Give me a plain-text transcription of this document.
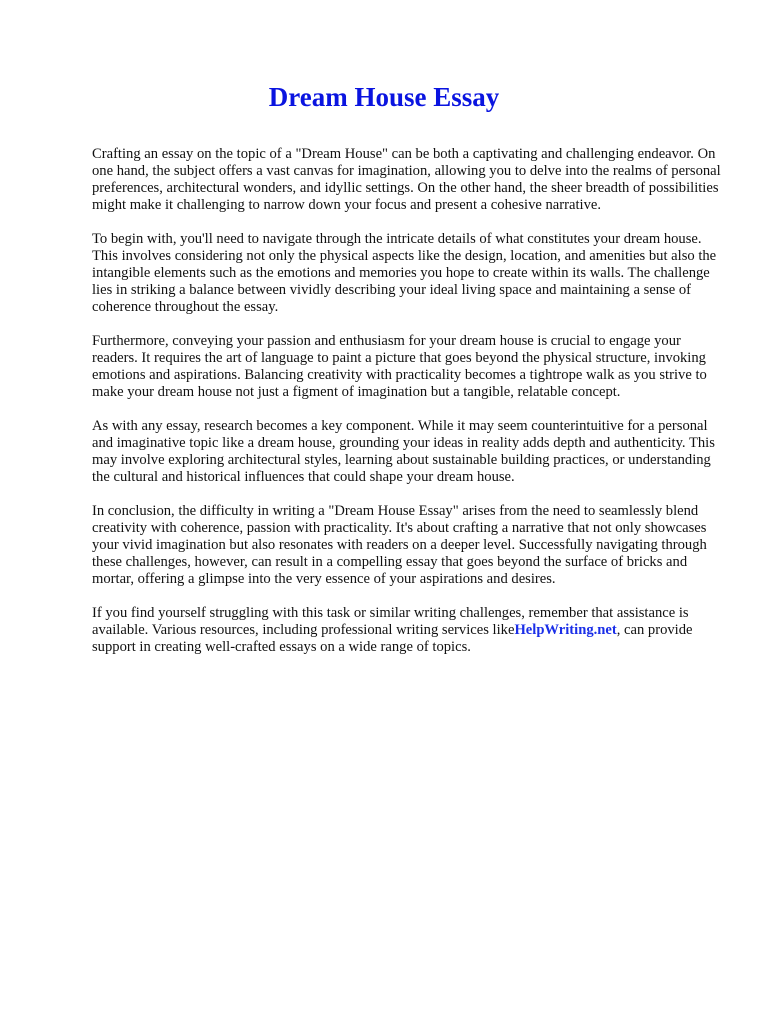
Dream House Essay

Crafting an essay on the topic of a "Dream House" can be both a captivating and challenging endeavor. On one hand, the subject offers a vast canvas for imagination, allowing you to delve into the realms of personal preferences, architectural wonders, and idyllic settings. On the other hand, the sheer breadth of possibilities might make it challenging to narrow down your focus and present a cohesive narrative.

To begin with, you'll need to navigate through the intricate details of what constitutes your dream house. This involves considering not only the physical aspects like the design, location, and amenities but also the intangible elements such as the emotions and memories you hope to create within its walls. The challenge lies in striking a balance between vividly describing your ideal living space and maintaining a sense of coherence throughout the essay.

Furthermore, conveying your passion and enthusiasm for your dream house is crucial to engage your readers. It requires the art of language to paint a picture that goes beyond the physical structure, invoking emotions and aspirations. Balancing creativity with practicality becomes a tightrope walk as you strive to make your dream house not just a figment of imagination but a tangible, relatable concept.

As with any essay, research becomes a key component. While it may seem counterintuitive for a personal and imaginative topic like a dream house, grounding your ideas in reality adds depth and authenticity. This may involve exploring architectural styles, learning about sustainable building practices, or understanding the cultural and historical influences that could shape your dream house.

In conclusion, the difficulty in writing a "Dream House Essay" arises from the need to seamlessly blend creativity with coherence, passion with practicality. It's about crafting a narrative that not only showcases your vivid imagination but also resonates with readers on a deeper level. Successfully navigating through these challenges, however, can result in a compelling essay that goes beyond the surface of bricks and mortar, offering a glimpse into the very essence of your aspirations and desires.

If you find yourself struggling with this task or similar writing challenges, remember that assistance is available. Various resources, including professional writing services likeHelpWriting.net, can provide support in creating well-crafted essays on a wide range of topics.
